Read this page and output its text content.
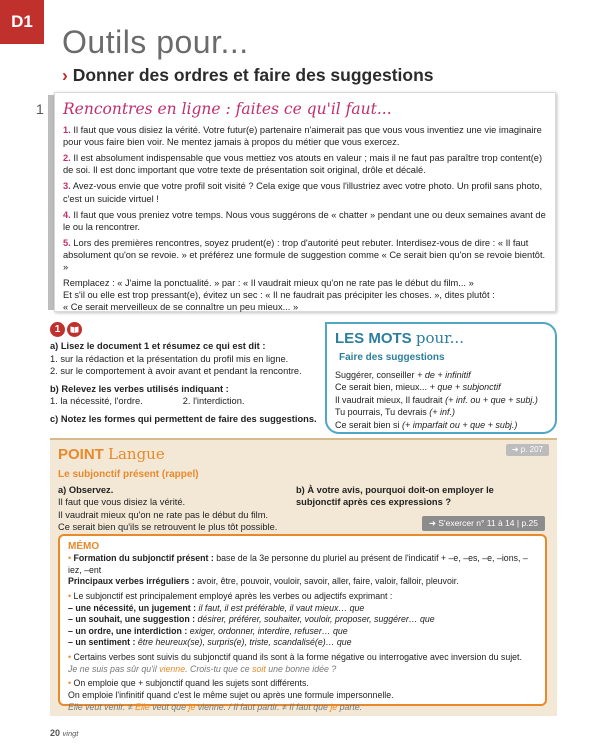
D1
Outils pour...
› Donner des ordres et faire des suggestions
1 Rencontres en ligne : faites ce qu'il faut...

1. Il faut que vous disiez la vérité. Votre futur(e) partenaire n'aimerait pas que vous vous inventiez une vie imaginaire pour vous faire bien voir. Ne mentez jamais à propos du métier que vous exercez.

2. Il est absolument indispensable que vous mettiez vos atouts en valeur ; mais il ne faut pas paraître trop content(e) de soi. Il est donc important que votre texte de présentation soit original, drôle et décalé.

3. Avez-vous envie que votre profil soit visité ? Cela exige que vous l'illustriez avec votre photo. Un profil sans photo, c'est un suicide virtuel !

4. Il faut que vous preniez votre temps. Nous vous suggérons de « chatter » pendant une ou deux semaines avant de le ou la rencontrer.

5. Lors des premières rencontres, soyez prudent(e) : trop d'autorité peut rebuter. Interdisez-vous de dire : « Il faut absolument qu'on se revoie. » et préférez une formule de suggestion comme « Ce serait bien qu'on se revoie bientôt. »

Remplacez : « J'aime la ponctualité. » par : « Il vaudrait mieux qu'on ne rate pas le début du film... »

Et s'il ou elle est trop pressant(e), évitez un sec : « Il ne faudrait pas précipiter les choses. », dites plutôt :

« Ce serait merveilleux de se connaître un peu mieux... »

1

a) Lisez le document 1 et résumez ce qui est dit :

1. sur la rédaction et la présentation du profil mis en ligne.

2. sur le comportement à avoir avant et pendant la rencontre.

b) Relevez les verbes utilisés indiquant :

1. la nécessité, l'ordre.	2. l'interdiction.

c) Notez les formes qui permettent de faire des suggestions.

LES MOTS pour...
Faire des suggestions
Suggérer, conseiller + de + infinitif
Ce serait bien, mieux... + que + subjonctif
Il vaudrait mieux, Il faudrait (+ inf. ou + que + subj.)
Tu pourrais, Tu devrais (+ inf.)
Ce serait bien si (+ imparfait ou + que + subj.)
POINT Langue	➜ p. 207
Le subjonctif présent (rappel)
a) Observez.

Il faut que vous disiez la vérité.

Il vaudrait mieux qu'on ne rate pas le début du film.

Ce serait bien qu'ils se retrouvent le plus tôt possible.

b) À votre avis, pourquoi doit-on employer le subjonctif après ces expressions ?
➜ S'exercer n° 11 à 14 | p.25
MÉMO

• Formation du subjonctif présent : base de la 3e personne du pluriel au présent de l'indicatif + –e, –es, –e, –ions, –iez, –ent

Principaux verbes irréguliers : avoir, être, pouvoir, vouloir, savoir, aller, faire, valoir, falloir, pleuvoir.

• Le subjonctif est principalement employé après les verbes ou adjectifs exprimant :

– une nécessité, un jugement : il faut, il est préférable, il vaut mieux… que

– un souhait, une suggestion : désirer, préférer, souhaiter, vouloir, proposer, suggérer… que

– un ordre, une interdiction : exiger, ordonner, interdire, refuser… que

– un sentiment : être heureux(se), surpris(e), triste, scandalisé(e)… que

• Certains verbes sont suivis du subjonctif quand ils sont à la forme négative ou interrogative avec inversion du sujet.

Je ne suis pas sûr qu'il vienne. Crois-tu que ce soit une bonne idée ?

• On emploie que + subjonctif quand les sujets sont différents.

On emploie l'infinitif quand c'est le même sujet ou après une formule impersonnelle.

Elle veut venir. ≠ Elle veut que je vienne. / Il faut partir. ≠ Il faut que je parte.

20 vingt
